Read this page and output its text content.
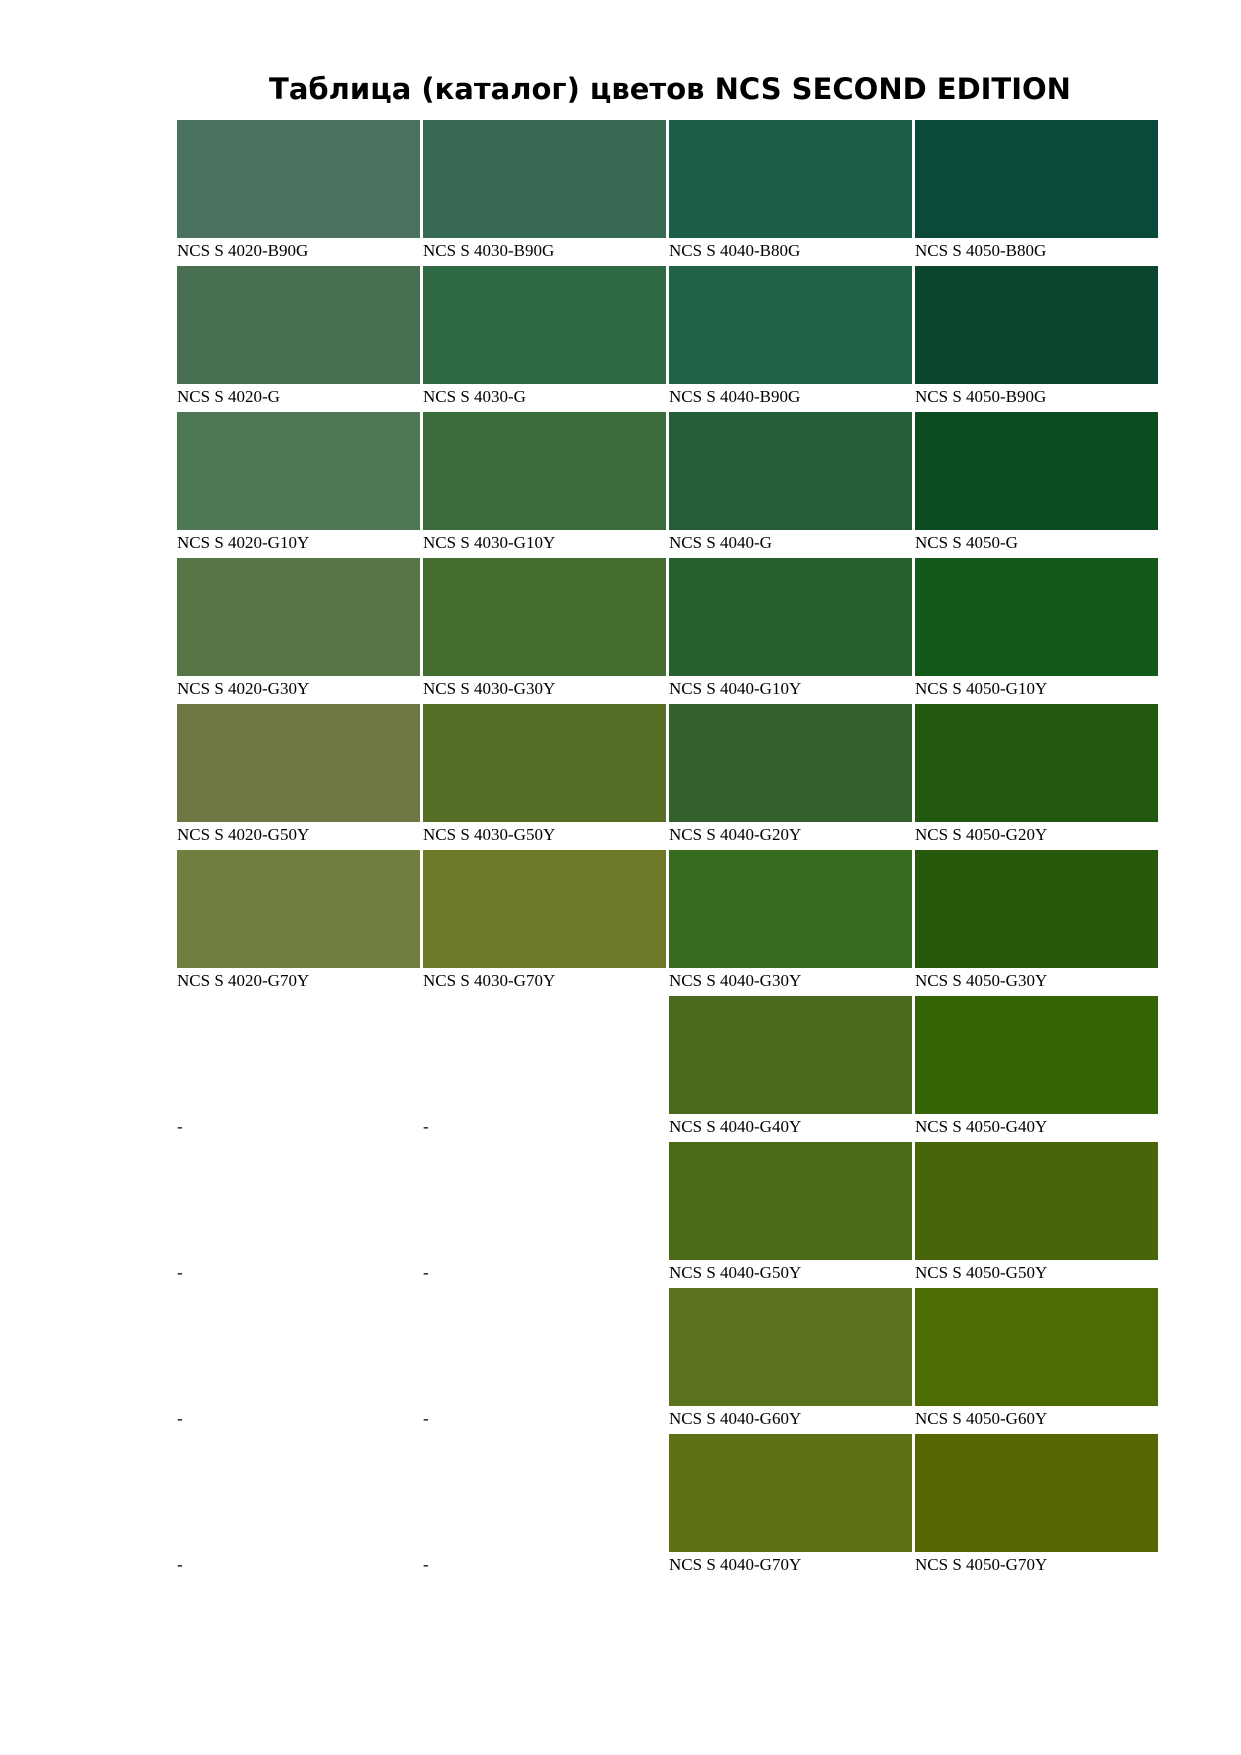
Таблица (каталог) цветов NCS SECOND EDITION
NCS S 4020-B90G	NCS S 4030-B90G	NCS S 4040-B80G	NCS S 4050-B80G
NCS S 4020-G	NCS S 4030-G	NCS S 4040-B90G	NCS S 4050-B90G
NCS S 4020-G10Y	NCS S 4030-G10Y	NCS S 4040-G	NCS S 4050-G
NCS S 4020-G30Y	NCS S 4030-G30Y	NCS S 4040-G10Y	NCS S 4050-G10Y
NCS S 4020-G50Y	NCS S 4030-G50Y	NCS S 4040-G20Y	NCS S 4050-G20Y
NCS S 4020-G70Y	NCS S 4030-G70Y	NCS S 4040-G30Y	NCS S 4050-G30Y
-	-	NCS S 4040-G40Y	NCS S 4050-G40Y
-	-	NCS S 4040-G50Y	NCS S 4050-G50Y
-	-	NCS S 4040-G60Y	NCS S 4050-G60Y
-	-	NCS S 4040-G70Y	NCS S 4050-G70Y
